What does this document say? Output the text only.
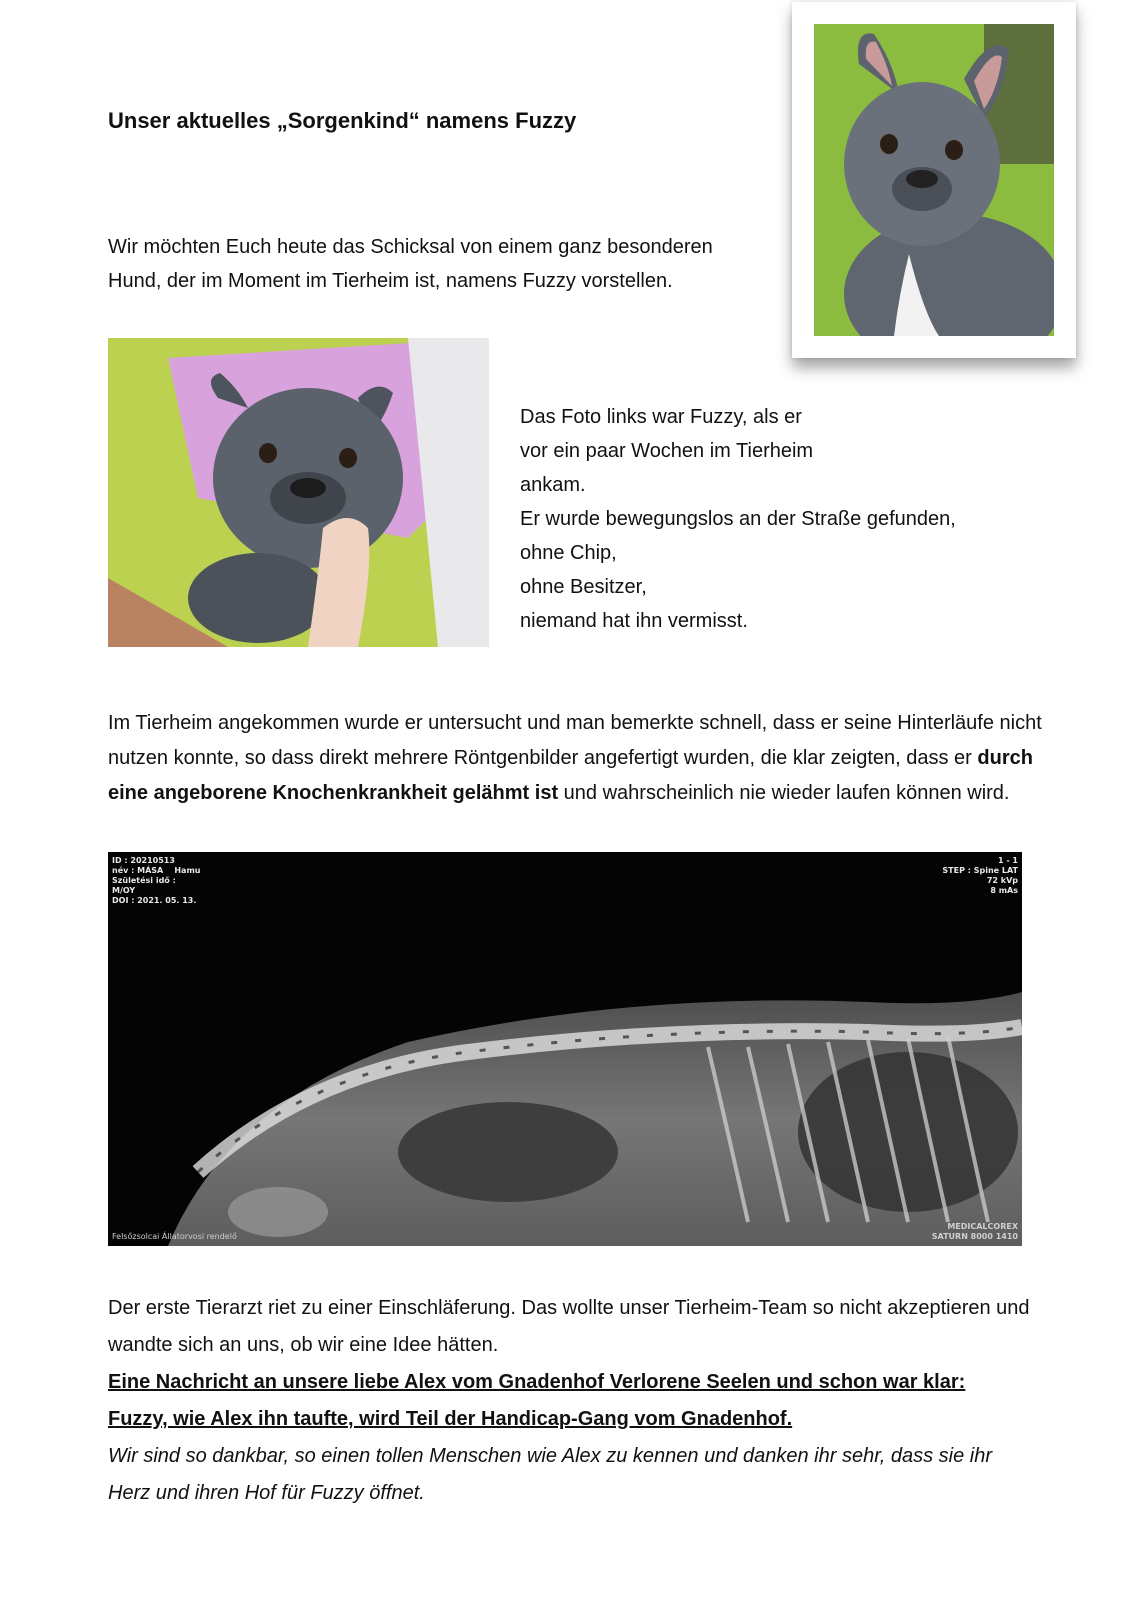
Unser aktuelles „Sorgenkind“ namens Fuzzy
Wir möchten Euch heute das Schicksal von einem ganz besonderen
Hund, der im Moment im Tierheim ist, namens Fuzzy vorstellen.
Das Foto links war Fuzzy, als er
vor ein paar Wochen im Tierheim
ankam.
Er wurde bewegungslos an der Straße gefunden,
ohne Chip,
ohne Besitzer,
niemand hat ihn vermisst.

Im Tierheim angekommen wurde er untersucht und man bemerkte schnell, dass er seine Hinterläufe nicht nutzen konnte, so dass direkt mehrere Röntgenbilder angefertigt wurden, die klar zeigten, dass er durch eine angeborene Knochenkrankheit gelähmt ist und wahrscheinlich nie wieder laufen können wird.

ID : 20210513
név : MÁSA    Hamu
Születési idő :
M/OY
DOI : 2021. 05. 13.
1 - 1
STEP : Spine LAT
72 kVp
8 mAs
Felsőzsolcai Állatorvosi rendelő
MEDICALCOREX
SATURN 8000 1410
Der erste Tierarzt riet zu einer Einschläferung. Das wollte unser Tierheim-Team so nicht akzeptieren und wandte sich an uns, ob wir eine Idee hätten.
Eine Nachricht an unsere liebe Alex vom Gnadenhof Verlorene Seelen und schon war klar:
Fuzzy, wie Alex ihn taufte, wird Teil der Handicap-Gang vom Gnadenhof.
Wir sind so dankbar, so einen tollen Menschen wie Alex zu kennen und danken ihr sehr, dass sie ihr Herz und ihren Hof für Fuzzy öffnet.
